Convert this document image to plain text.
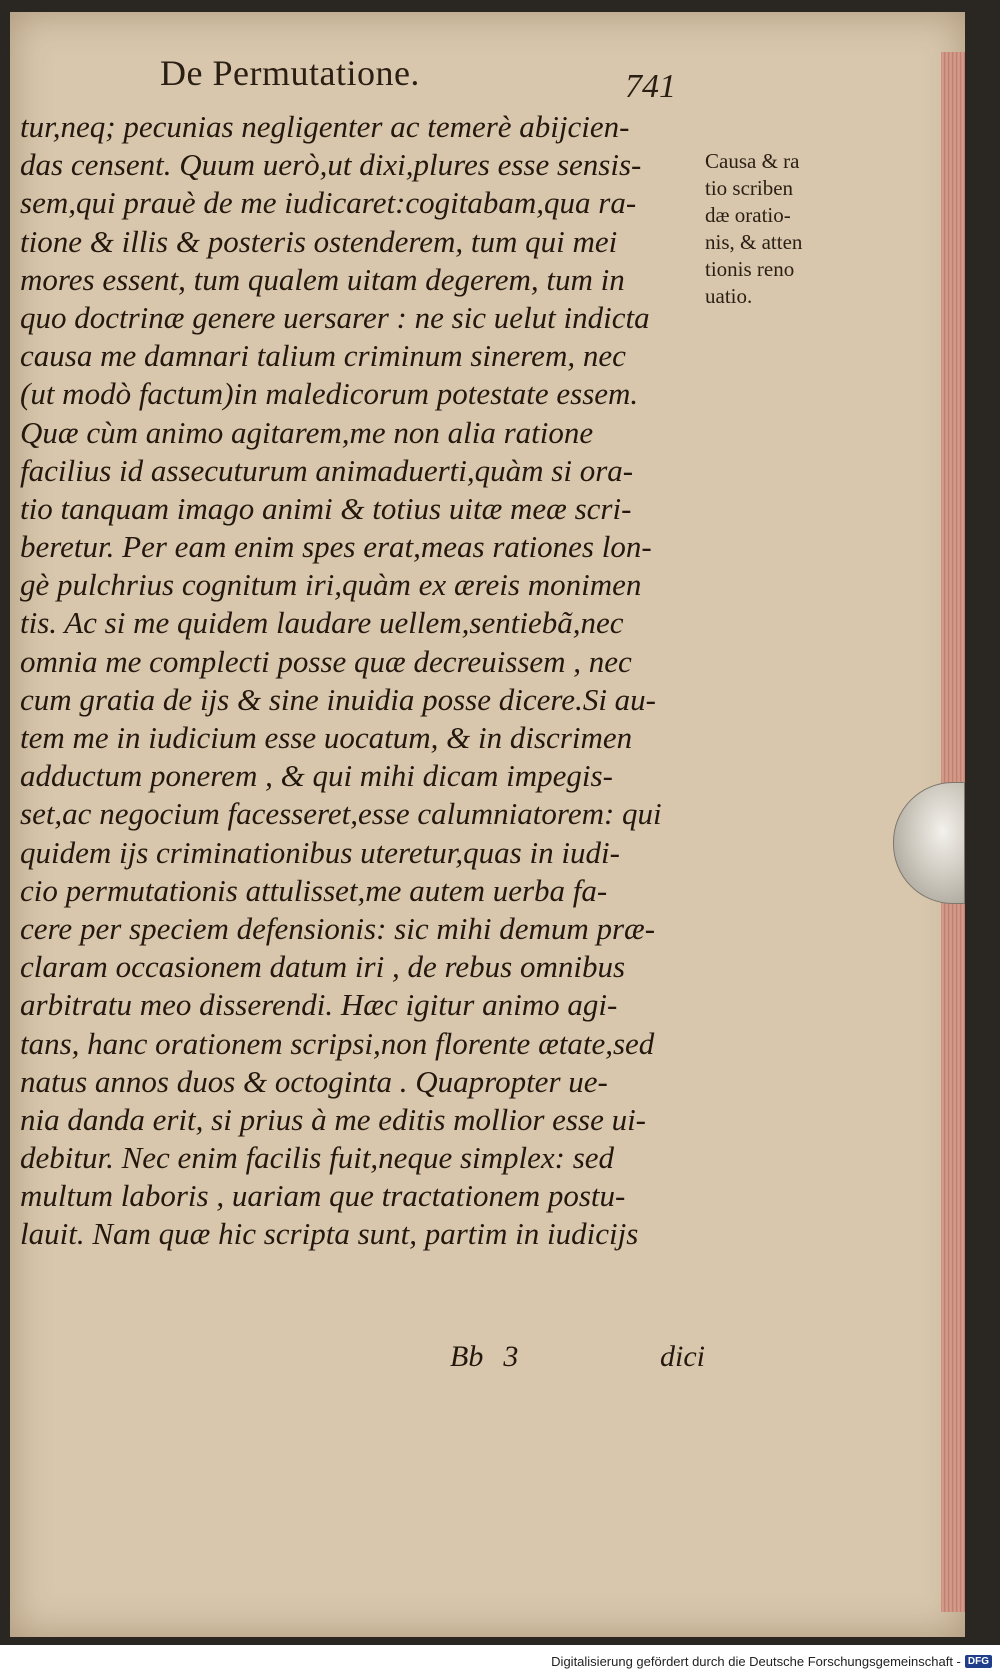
De Permutatione.	741
tur,neq; pecunias negligenter ac temerè abijcien-
das censent. Quum uerò,ut dixi,plures esse sensis-
sem,qui prauè de me iudicaret:cogitabam,qua ra-
tione & illis & posteris ostenderem, tum qui mei
mores essent, tum qualem uitam degerem, tum in
quo doctrinæ genere uersarer : ne sic uelut indicta
causa me damnari talium criminum sinerem, nec
(ut modò factum)in maledicorum potestate essem.
Quæ cùm animo agitarem,me non alia ratione
facilius id assecuturum animaduerti,quàm si ora-
tio tanquam imago animi & totius uitæ meæ scri-
beretur. Per eam enim spes erat,meas rationes lon-
gè pulchrius cognitum iri,quàm ex æreis monimen
tis. Ac si me quidem laudare uellem,sentiebã,nec
omnia me complecti posse quæ decreuissem , nec
cum gratia de ijs & sine inuidia posse dicere.Si au-
tem me in iudicium esse uocatum, & in discrimen
adductum ponerem , & qui mihi dicam impegis-
set,ac negocium facesseret,esse calumniatorem: qui
quidem ijs criminationibus uteretur,quas in iudi-
cio permutationis attulisset,me autem uerba fa-
cere per speciem defensionis: sic mihi demum præ-
claram occasionem datum iri , de rebus omnibus
arbitratu meo disserendi. Hæc igitur animo agi-
tans, hanc orationem scripsi,non florente ætate,sed
natus annos duos & octoginta . Quapropter ue-
nia danda erit, si prius à me editis mollior esse ui-
debitur. Nec enim facilis fuit,neque simplex: sed
multum laboris , uariam que tractationem postu-
lauit. Nam quæ hic scripta sunt, partim in iudicijs
Causa & ra
tio scriben
dæ oratio-
nis, & atten
tionis reno
uatio.
Bb 3	dici
Digitalisierung gefördert durch die Deutsche Forschungsgemeinschaft - DFG
